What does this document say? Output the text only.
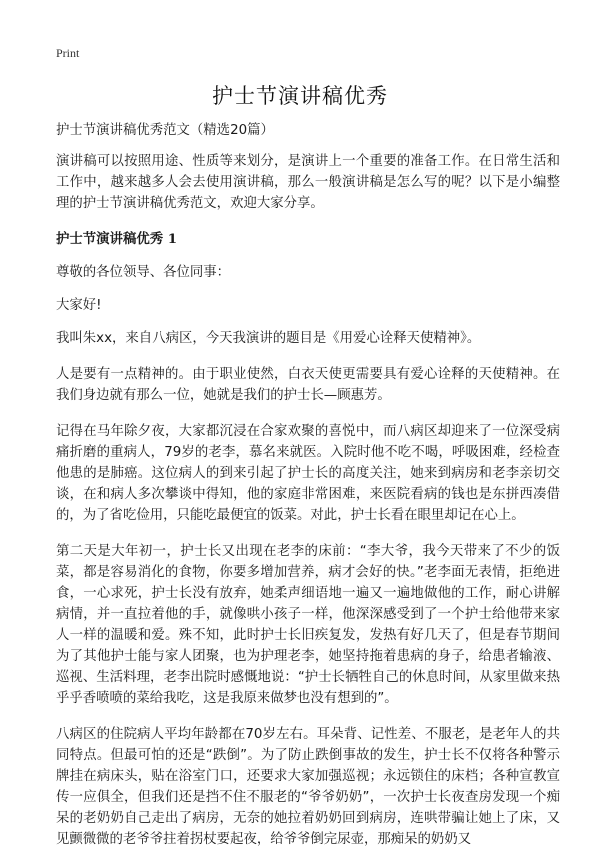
Print
护士节演讲稿优秀

护士节演讲稿优秀范文（精选20篇）

演讲稿可以按照用途、性质等来划分，是演讲上一个重要的准备工作。在日常生活和工作中，越来越多人会去使用演讲稿，那么一般演讲稿是怎么写的呢？以下是小编整理的护士节演讲稿优秀范文，欢迎大家分享。

护士节演讲稿优秀 1

尊敬的各位领导、各位同事：

大家好!

我叫朱xx，来自八病区，今天我演讲的题目是《用爱心诠释天使精神》。

人是要有一点精神的。由于职业使然，白衣天使更需要具有爱心诠释的天使精神。在我们身边就有那么一位，她就是我们的护士长—顾惠芳。

记得在马年除夕夜，大家都沉浸在合家欢聚的喜悦中，而八病区却迎来了一位深受病痛折磨的重病人，79岁的老李，慕名来就医。入院时他不吃不喝，呼吸困难，经检查他患的是肺癌。这位病人的到来引起了护士长的高度关注，她来到病房和老李亲切交谈，在和病人多次攀谈中得知，他的家庭非常困难，来医院看病的钱也是东拼西凑借的，为了省吃俭用，只能吃最便宜的饭菜。对此，护士长看在眼里却记在心上。

第二天是大年初一，护士长又出现在老李的床前：“李大爷，我今天带来了不少的饭菜，都是容易消化的食物，你要多增加营养，病才会好的快。”老李面无表情，拒绝进食，一心求死，护士长没有放弃，她柔声细语地一遍又一遍地做他的工作，耐心讲解病情，并一直拉着他的手，就像哄小孩子一样，他深深感受到了一个护士给他带来家人一样的温暖和爱。殊不知，此时护士长旧疾复发，发热有好几天了，但是春节期间为了其他护士能与家人团聚，也为护理老李，她坚持拖着患病的身子，给患者输液、巡视、生活料理，老李出院时感慨地说：“护士长牺牲自己的休息时间，从家里做来热乎乎香喷喷的菜给我吃，这是我原来做梦也没有想到的”。

八病区的住院病人平均年龄都在70岁左右。耳朵背、记性差、不服老，是老年人的共同特点。但最可怕的还是“跌倒”。为了防止跌倒事故的发生，护士长不仅将各种警示牌挂在病床头，贴在浴室门口，还要求大家加强巡视；永远锁住的床档；各种宣教宣传一应俱全，但我们还是挡不住不服老的“爷爷奶奶”，一次护士长夜查房发现一个痴呆的老奶奶自己走出了病房，无奈的她拉着奶奶回到病房，连哄带骗让她上了床，又见颤微微的老爷爷拄着拐杖要起夜，给爷爷倒完尿壶，那痴呆的奶奶又
